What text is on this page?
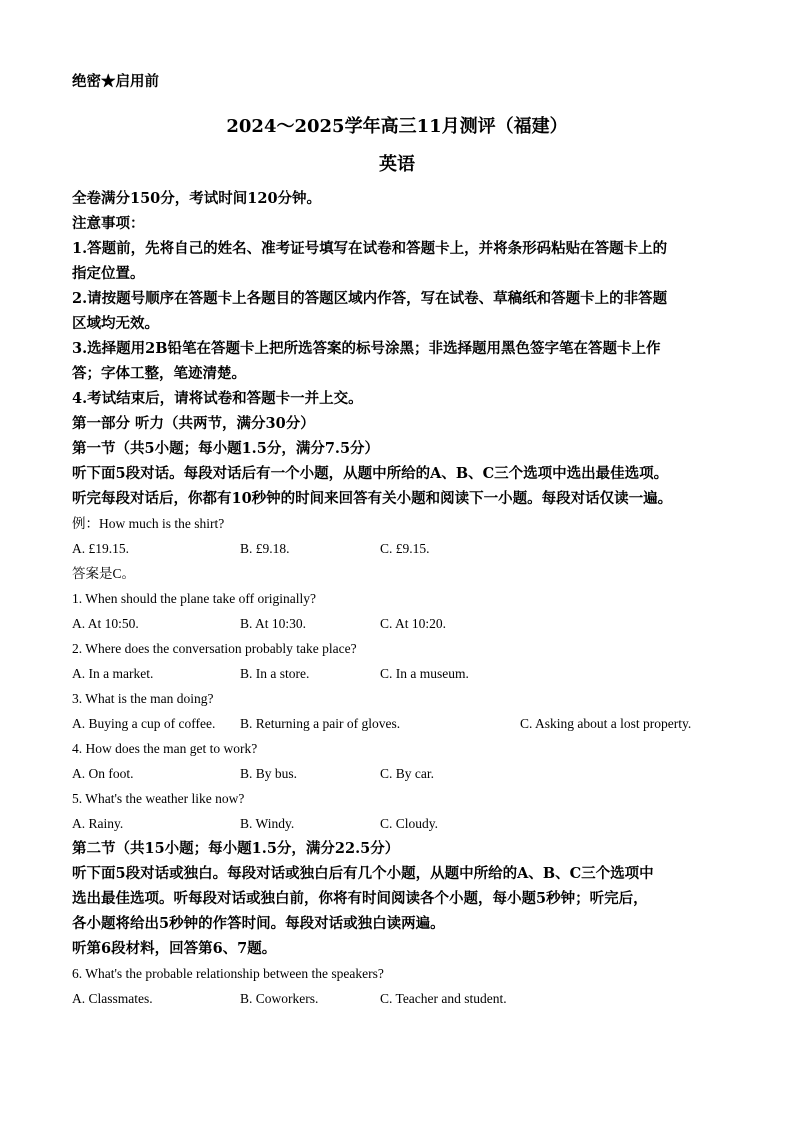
绝密★启用前
2024～2025学年高三11月测评（福建）
英语
全卷满分150分，考试时间120分钟。
注意事项：
1.答题前，先将自己的姓名、准考证号填写在试卷和答题卡上，并将条形码粘贴在答题卡上的
指定位置。
2.请按题号顺序在答题卡上各题目的答题区域内作答，写在试卷、草稿纸和答题卡上的非答题
区域均无效。
3.选择题用2B铅笔在答题卡上把所选答案的标号涂黑；非选择题用黑色签字笔在答题卡上作
答；字体工整，笔迹清楚。
4.考试结束后，请将试卷和答题卡一并上交。
第一部分 听力（共两节，满分30分）
第一节（共5小题；每小题1.5分，满分7.5分）
听下面5段对话。每段对话后有一个小题，从题中所给的A、B、C三个选项中选出最佳选项。
听完每段对话后，你都有10秒钟的时间来回答有关小题和阅读下一小题。每段对话仅读一遍。
例：How much is the shirt?
A. £19.15.	B. £9.18.	C. £9.15.
答案是C。
1. When should the plane take off originally?
A. At 10:50.	B. At 10:30.	C. At 10:20.
2. Where does the conversation probably take place?
A. In a market.	B. In a store.	C. In a museum.
3. What is the man doing?
A. Buying a cup of coffee. B. Returning a pair of gloves.	C. Asking about a lost property.
4. How does the man get to work?
A. On foot.	B. By bus.	C. By car.
5. What's the weather like now?
A. Rainy.	B. Windy.	C. Cloudy.
第二节（共15小题；每小题1.5分，满分22.5分）
听下面5段对话或独白。每段对话或独白后有几个小题，从题中所给的A、B、C三个选项中
选出最佳选项。听每段对话或独白前，你将有时间阅读各个小题，每小题5秒钟；听完后，
各小题将给出5秒钟的作答时间。每段对话或独白读两遍。
听第6段材料，回答第6、7题。
6. What's the probable relationship between the speakers?
A. Classmates.	B. Coworkers.	C. Teacher and student.
